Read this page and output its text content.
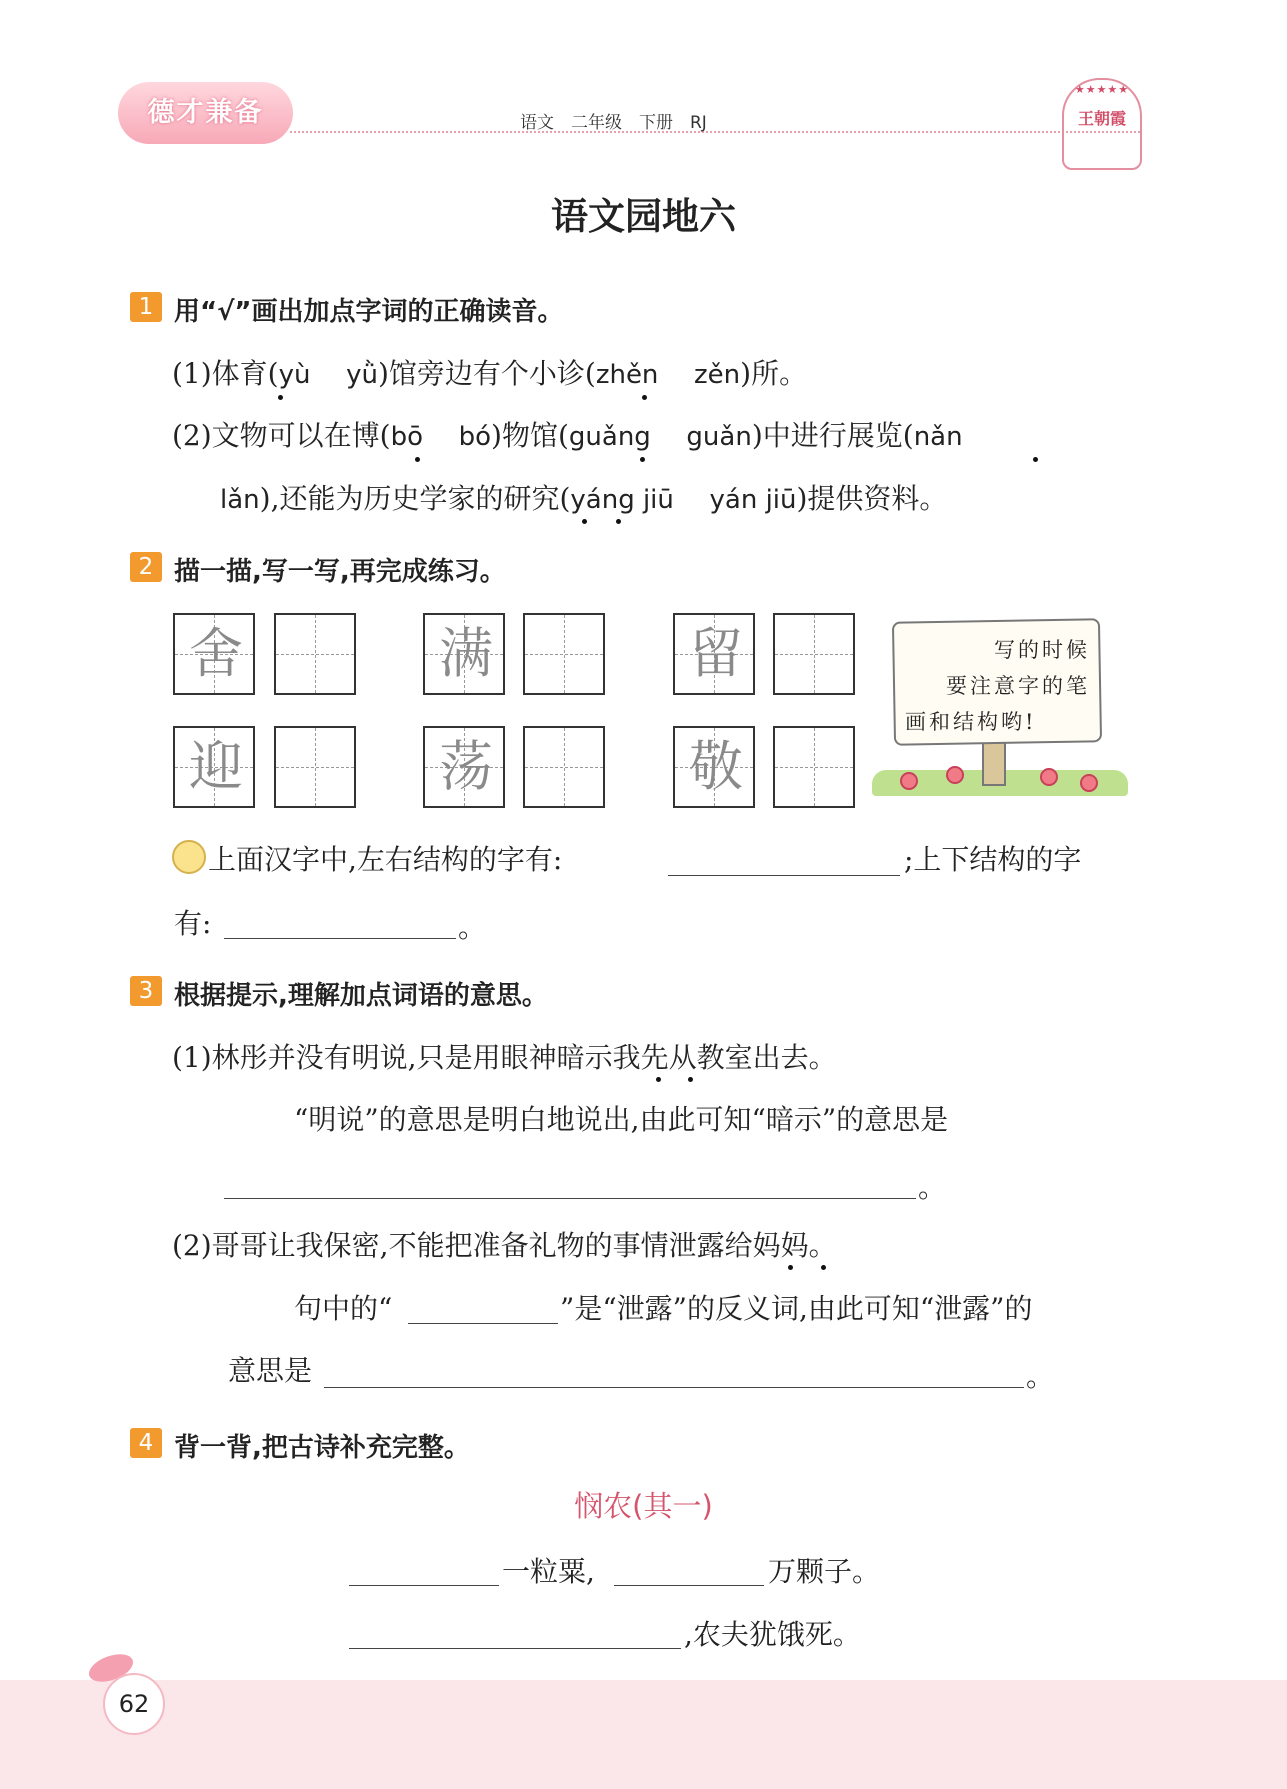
德才兼备	语文　二年级　下册　RJ
★★★★★
王朝霞
语文园地六
1 用“√”画出加点字词的正确读音。
(1)体育(yù yǜ)馆旁边有个小诊(zhěn zěn)所。
(2)文物可以在博(bō bó)物馆(guǎng guǎn)中进行展览(nǎn
lǎn),还能为历史学家的研究(yáng jiū yán jiū)提供资料。
2 描一描,写一写,再完成练习。
舍	满	留
迎	荡	敬
写的时候
要注意字的笔
画和结构哟!
上面汉字中,左右结构的字有:	;上下结构的字
有:	。
3 根据提示,理解加点词语的意思。
(1)林彤并没有明说,只是用眼神暗示我先从教室出去。
“明说”的意思是明白地说出,由此可知“暗示”的意思是
。
(2)哥哥让我保密,不能把准备礼物的事情泄露给妈妈。
句中的“	”是“泄露”的反义词,由此可知“泄露”的
意思是	。
4 背一背,把古诗补充完整。
悯农(其一)
一粒粟,	万颗子。
,农夫犹饿死。
62
